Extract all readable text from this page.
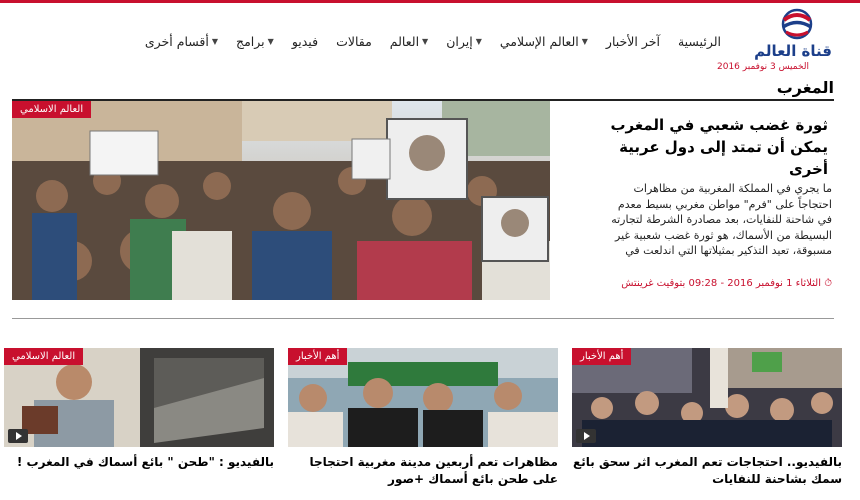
قناة العالم
الرئيسية
آخر الأخبار
العالم الإسلامي ▼
إيران ▼
العالم ▼
مقالات
فيديو
برامج ▼
أقسام أخرى ▼
الخميس 3 نوفمبر 2016
المغرب
العالم الاسلامي
ثورة غضب شعبي في المغرب يمكن أن تمتد إلى دول عربية أخرى
ما يجري في المملكة المغربية من مظاهرات احتجاجاً على "فرم" مواطن مغربي بسيط معدم في شاحنة للنفايات، بعد مصادرة الشرطة لتجارته البسيطة من الأسماك، هو ثورة غضب شعبية غير مسبوقة، تعيد التذكير بمثيلاتها التي اندلعت في
⏱ الثلاثاء 1 نوفمبر 2016 - 09:28 بتوقيت غرينتش
أهم الأخبار
بالفيديو.. احتجاجات تعم المغرب اثر سحق بائع سمك بشاحنة للنفايات
أهم الأخبار
مظاهرات تعم أربعين مدينة مغربية احتجاجا على طحن بائع أسماك +صور
العالم الاسلامي
بالفيديو : "طحن " بائع أسماك في المغرب !
